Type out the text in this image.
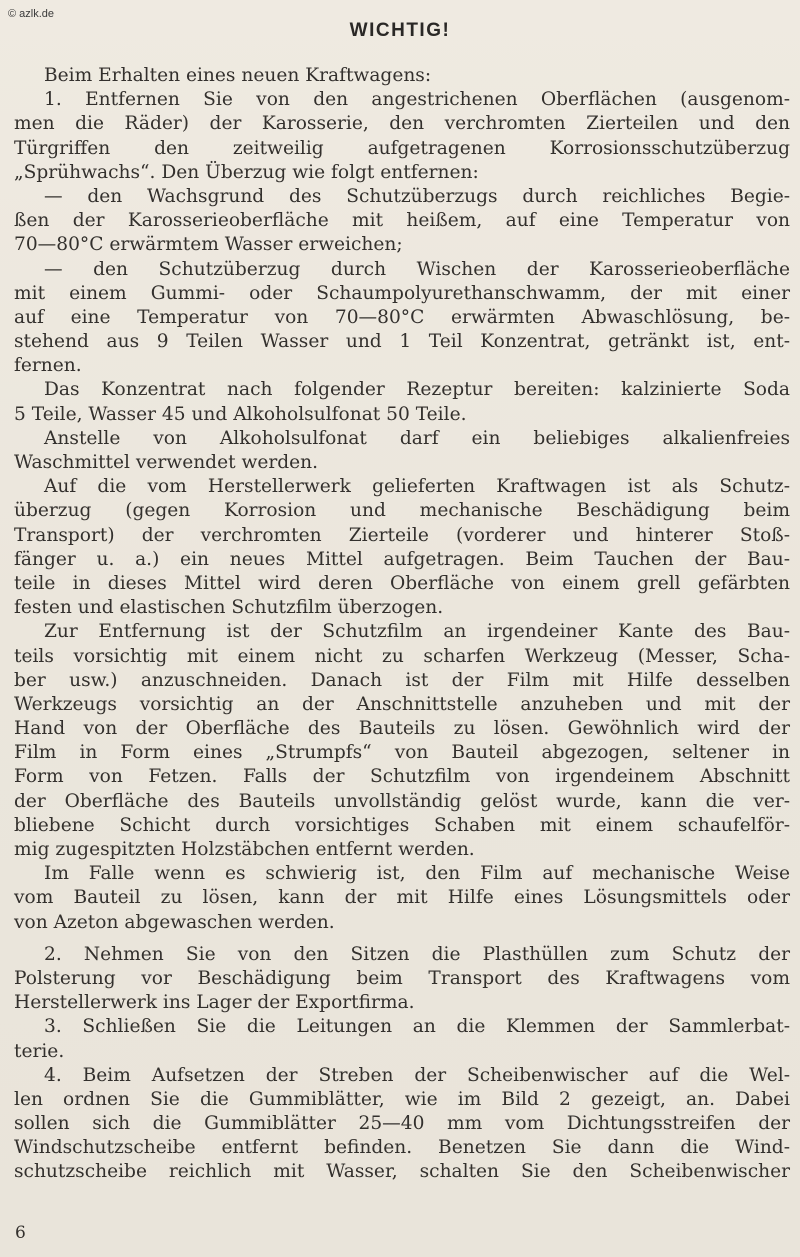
© azlk.de
WICHTIG!
Beim Erhalten eines neuen Kraftwagens:
1. Entfernen Sie von den angestrichenen Oberflächen (ausgenom-
men die Räder) der Karosserie, den verchromten Zierteilen und den
Türgriffen den zeitweilig aufgetragenen Korrosionsschutzüberzug
„Sprühwachs“. Den Überzug wie folgt entfernen:
— den Wachsgrund des Schutzüberzugs durch reichliches Begie-
ßen der Karosserieoberfläche mit heißem, auf eine Temperatur von
70—80°C erwärmtem Wasser erweichen;
— den Schutzüberzug durch Wischen der Karosserieoberfläche
mit einem Gummi- oder Schaumpolyurethanschwamm, der mit einer
auf eine Temperatur von 70—80°C erwärmten Abwaschlösung, be-
stehend aus 9 Teilen Wasser und 1 Teil Konzentrat, getränkt ist, ent-
fernen.
Das Konzentrat nach folgender Rezeptur bereiten: kalzinierte Soda
5 Teile, Wasser 45 und Alkoholsulfonat 50 Teile.
Anstelle von Alkoholsulfonat darf ein beliebiges alkalienfreies
Waschmittel verwendet werden.
Auf die vom Herstellerwerk gelieferten Kraftwagen ist als Schutz-
überzug (gegen Korrosion und mechanische Beschädigung beim
Transport) der verchromten Zierteile (vorderer und hinterer Stoß-
fänger u. a.) ein neues Mittel aufgetragen. Beim Tauchen der Bau-
teile in dieses Mittel wird deren Oberfläche von einem grell gefärbten
festen und elastischen Schutzfilm überzogen.
Zur Entfernung ist der Schutzfilm an irgendeiner Kante des Bau-
teils vorsichtig mit einem nicht zu scharfen Werkzeug (Messer, Scha-
ber usw.) anzuschneiden. Danach ist der Film mit Hilfe desselben
Werkzeugs vorsichtig an der Anschnittstelle anzuheben und mit der
Hand von der Oberfläche des Bauteils zu lösen. Gewöhnlich wird der
Film in Form eines „Strumpfs“ von Bauteil abgezogen, seltener in
Form von Fetzen. Falls der Schutzfilm von irgendeinem Abschnitt
der Oberfläche des Bauteils unvollständig gelöst wurde, kann die ver-
bliebene Schicht durch vorsichtiges Schaben mit einem schaufelför-
mig zugespitzten Holzstäbchen entfernt werden.
Im Falle wenn es schwierig ist, den Film auf mechanische Weise
vom Bauteil zu lösen, kann der mit Hilfe eines Lösungsmittels oder
von Azeton abgewaschen werden.
2. Nehmen Sie von den Sitzen die Plasthüllen zum Schutz der
Polsterung vor Beschädigung beim Transport des Kraftwagens vom
Herstellerwerk ins Lager der Exportfirma.
3. Schließen Sie die Leitungen an die Klemmen der Sammlerbat-
terie.
4. Beim Aufsetzen der Streben der Scheibenwischer auf die Wel-
len ordnen Sie die Gummiblätter, wie im Bild 2 gezeigt, an. Dabei
sollen sich die Gummiblätter 25—40 mm vom Dichtungsstreifen der
Windschutzscheibe entfernt befinden. Benetzen Sie dann die Wind-
schutzscheibe reichlich mit Wasser, schalten Sie den Scheibenwischer
6
